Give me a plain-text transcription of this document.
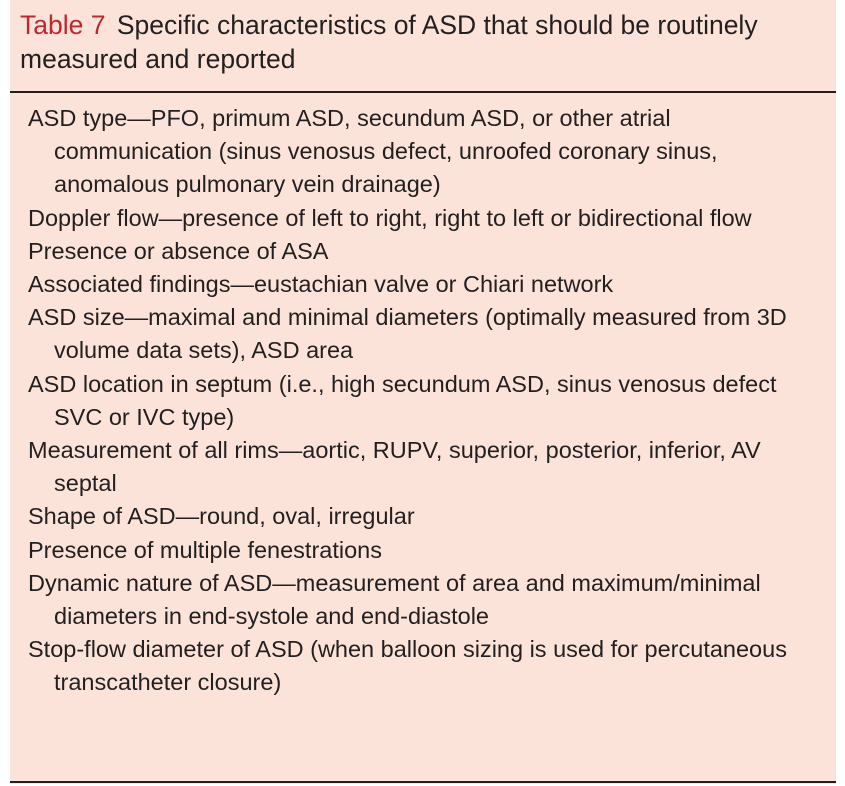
Table 7 Specific characteristics of ASD that should be routinely measured and reported
ASD type—PFO, primum ASD, secundum ASD, or other atrial communication (sinus venosus defect, unroofed coronary sinus, anomalous pulmonary vein drainage)
Doppler flow—presence of left to right, right to left or bidirectional flow
Presence or absence of ASA
Associated findings—eustachian valve or Chiari network
ASD size—maximal and minimal diameters (optimally measured from 3D volume data sets), ASD area
ASD location in septum (i.e., high secundum ASD, sinus venosus defect SVC or IVC type)
Measurement of all rims—aortic, RUPV, superior, posterior, inferior, AV septal
Shape of ASD—round, oval, irregular
Presence of multiple fenestrations
Dynamic nature of ASD—measurement of area and maximum/minimal diameters in end-systole and end-diastole
Stop-flow diameter of ASD (when balloon sizing is used for percutaneous transcatheter closure)
